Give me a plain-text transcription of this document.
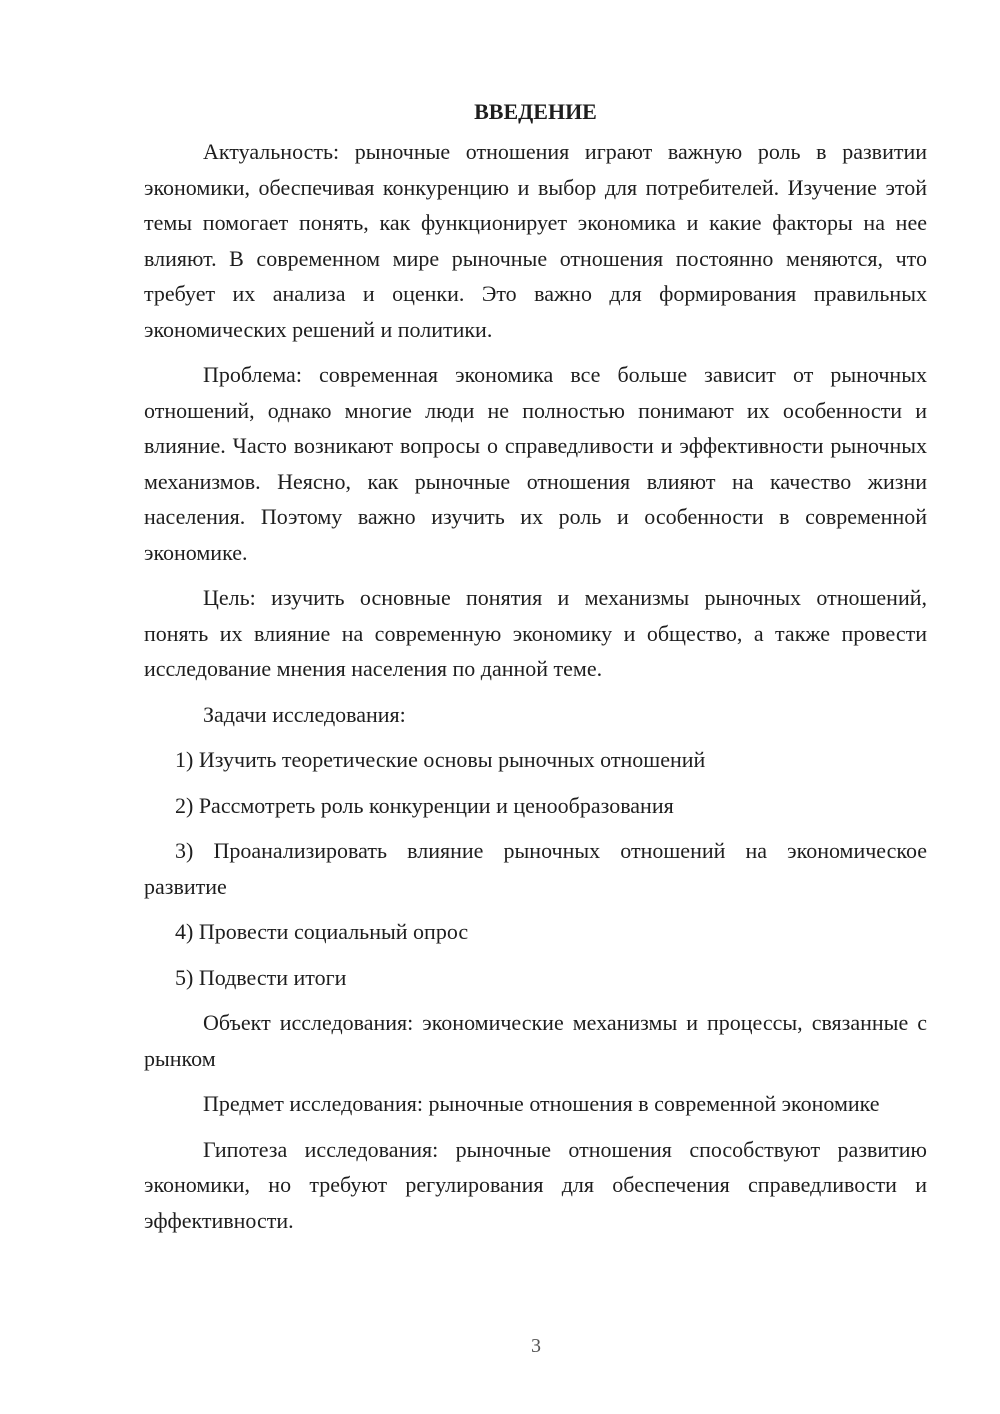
ВВЕДЕНИЕ

Актуальность: рыночные отношения играют важную роль в развитии экономики, обеспечивая конкуренцию и выбор для потребителей. Изучение этой темы помогает понять, как функционирует экономика и какие факторы на нее влияют. В современном мире рыночные отношения постоянно меняются, что требует их анализа и оценки. Это важно для формирования правильных экономических решений и политики.

Проблема: современная экономика все больше зависит от рыночных отношений, однако многие люди не полностью понимают их особенности и влияние. Часто возникают вопросы о справедливости и эффективности рыночных механизмов. Неясно, как рыночные отношения влияют на качество жизни населения. Поэтому важно изучить их роль и особенности в современной экономике.

Цель: изучить основные понятия и механизмы рыночных отношений, понять их влияние на современную экономику и общество, а также провести исследование мнения населения по данной теме.

Задачи исследования:

1) Изучить теоретические основы рыночных отношений

2) Рассмотреть роль конкуренции и ценообразования

3) Проанализировать влияние рыночных отношений на экономическое развитие

4) Провести социальный опрос

5) Подвести итоги

Объект исследования: экономические механизмы и процессы, связанные с рынком

Предмет исследования: рыночные отношения в современной экономике

Гипотеза исследования: рыночные отношения способствуют развитию экономики, но требуют регулирования для обеспечения справедливости и эффективности.

3
